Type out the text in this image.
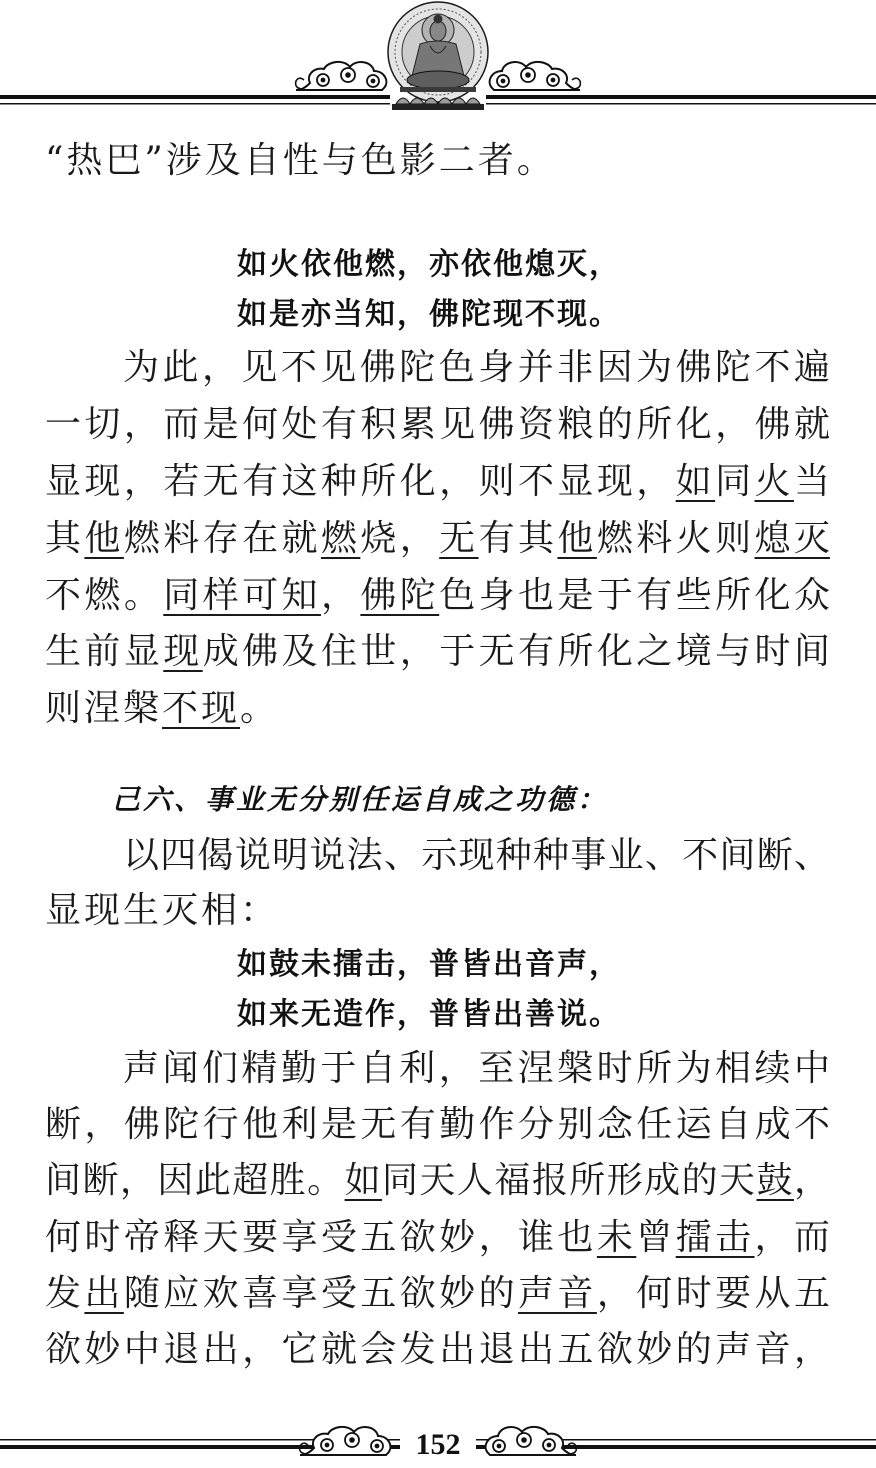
“热巴”涉及自性与色影二者。
如火依他燃，亦依他熄灭，
如是亦当知，佛陀现不现。
为此，见不见佛陀色身并非因为佛陀不遍
一切，而是何处有积累见佛资粮的所化，佛就
显现，若无有这种所化，则不显现，如同火当
其他燃料存在就燃烧，无有其他燃料火则熄灭
不燃。同样可知，佛陀色身也是于有些所化众
生前显现成佛及住世，于无有所化之境与时间
则涅槃不现。
己六、事业无分别任运自成之功德：
以四偈说明说法、示现种种事业、不间断、
显现生灭相：
如鼓未擂击，普皆出音声，
如来无造作，普皆出善说。
声闻们精勤于自利，至涅槃时所为相续中
断，佛陀行他利是无有勤作分别念任运自成不
间断，因此超胜。如同天人福报所形成的天鼓，
何时帝释天要享受五欲妙，谁也未曾擂击，而
发出随应欢喜享受五欲妙的声音，何时要从五
欲妙中退出，它就会发出退出五欲妙的声音，
152
